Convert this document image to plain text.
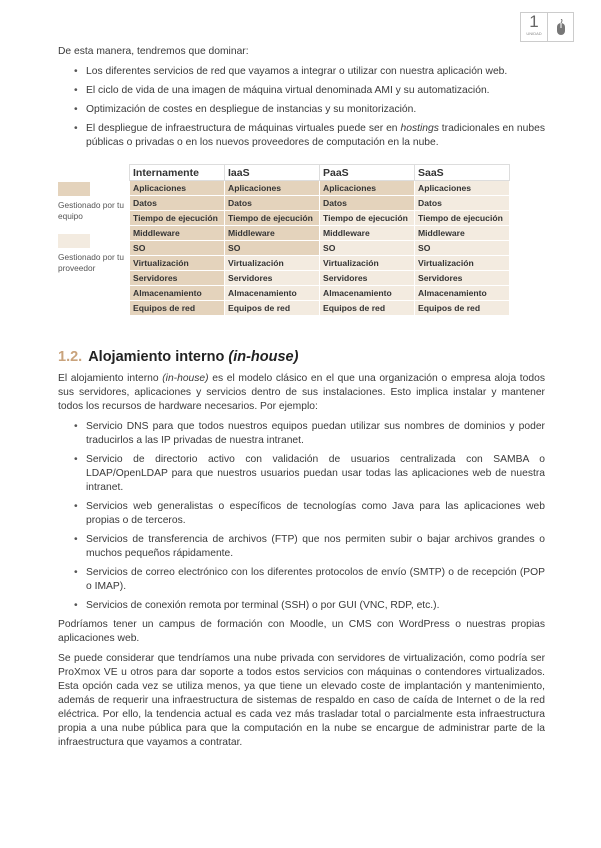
1
UNIDAD
De esta manera, tendremos que dominar:
• Los diferentes servicios de red que vayamos a integrar o utilizar con nuestra aplicación web.
• El ciclo de vida de una imagen de máquina virtual denominada AMI y su automatización.
• Optimización de costes en despliegue de instancias y su monitorización.
• El despliegue de infraestructura de máquinas virtuales puede ser en hostings tradicionales en nubes públicas o privadas o en los nuevos proveedores de computación en la nube.
Gestionado por tu equipo
Gestionado por tu proveedor
Internamente	IaaS	PaaS	SaaS
Aplicaciones	Aplicaciones	Aplicaciones	Aplicaciones
Datos	Datos	Datos	Datos
Tiempo de ejecución	Tiempo de ejecución	Tiempo de ejecución	Tiempo de ejecución
Middleware	Middleware	Middleware	Middleware
SO	SO	SO	SO
Virtualización	Virtualización	Virtualización	Virtualización
Servidores	Servidores	Servidores	Servidores
Almacenamiento	Almacenamiento	Almacenamiento	Almacenamiento
Equipos de red	Equipos de red	Equipos de red	Equipos de red
1.2. Alojamiento interno (in-house)
El alojamiento interno (in-house) es el modelo clásico en el que una organización o empresa aloja todos sus servidores, aplicaciones y servicios dentro de sus instalaciones. Esto implica instalar y mantener todos los recursos de hardware necesarios. Por ejemplo:
• Servicio DNS para que todos nuestros equipos puedan utilizar sus nombres de dominios y poder traducirlos a las IP privadas de nuestra intranet.
• Servicio de directorio activo con validación de usuarios centralizada con SAMBA o LDAP/OpenLDAP para que nuestros usuarios puedan usar todas las aplicaciones web de nuestra intranet.
• Servicios web generalistas o específicos de tecnologías como Java para las aplicaciones web propias o de terceros.
• Servicios de transferencia de archivos (FTP) que nos permiten subir o bajar archivos grandes o muchos pequeños rápidamente.
• Servicios de correo electrónico con los diferentes protocolos de envío (SMTP) o de recepción (POP o IMAP).
• Servicios de conexión remota por terminal (SSH) o por GUI (VNC, RDP, etc.).
Podríamos tener un campus de formación con Moodle, un CMS con WordPress o nuestras propias aplicaciones web.
Se puede considerar que tendríamos una nube privada con servidores de virtualización, como podría ser ProXmox VE u otros para dar soporte a todos estos servicios con máquinas o contendores virtualizados. Esta opción cada vez se utiliza menos, ya que tiene un elevado coste de implantación y mantenimiento, además de requerir una infraestructura de sistemas de respaldo en caso de caída de Internet o de la red eléctrica. Por ello, la tendencia actual es cada vez más trasladar total o parcialmente esta infraestructura propia a una nube pública para que la computación en la nube se encargue de administrar parte de la infraestructura que vayamos a contratar.
